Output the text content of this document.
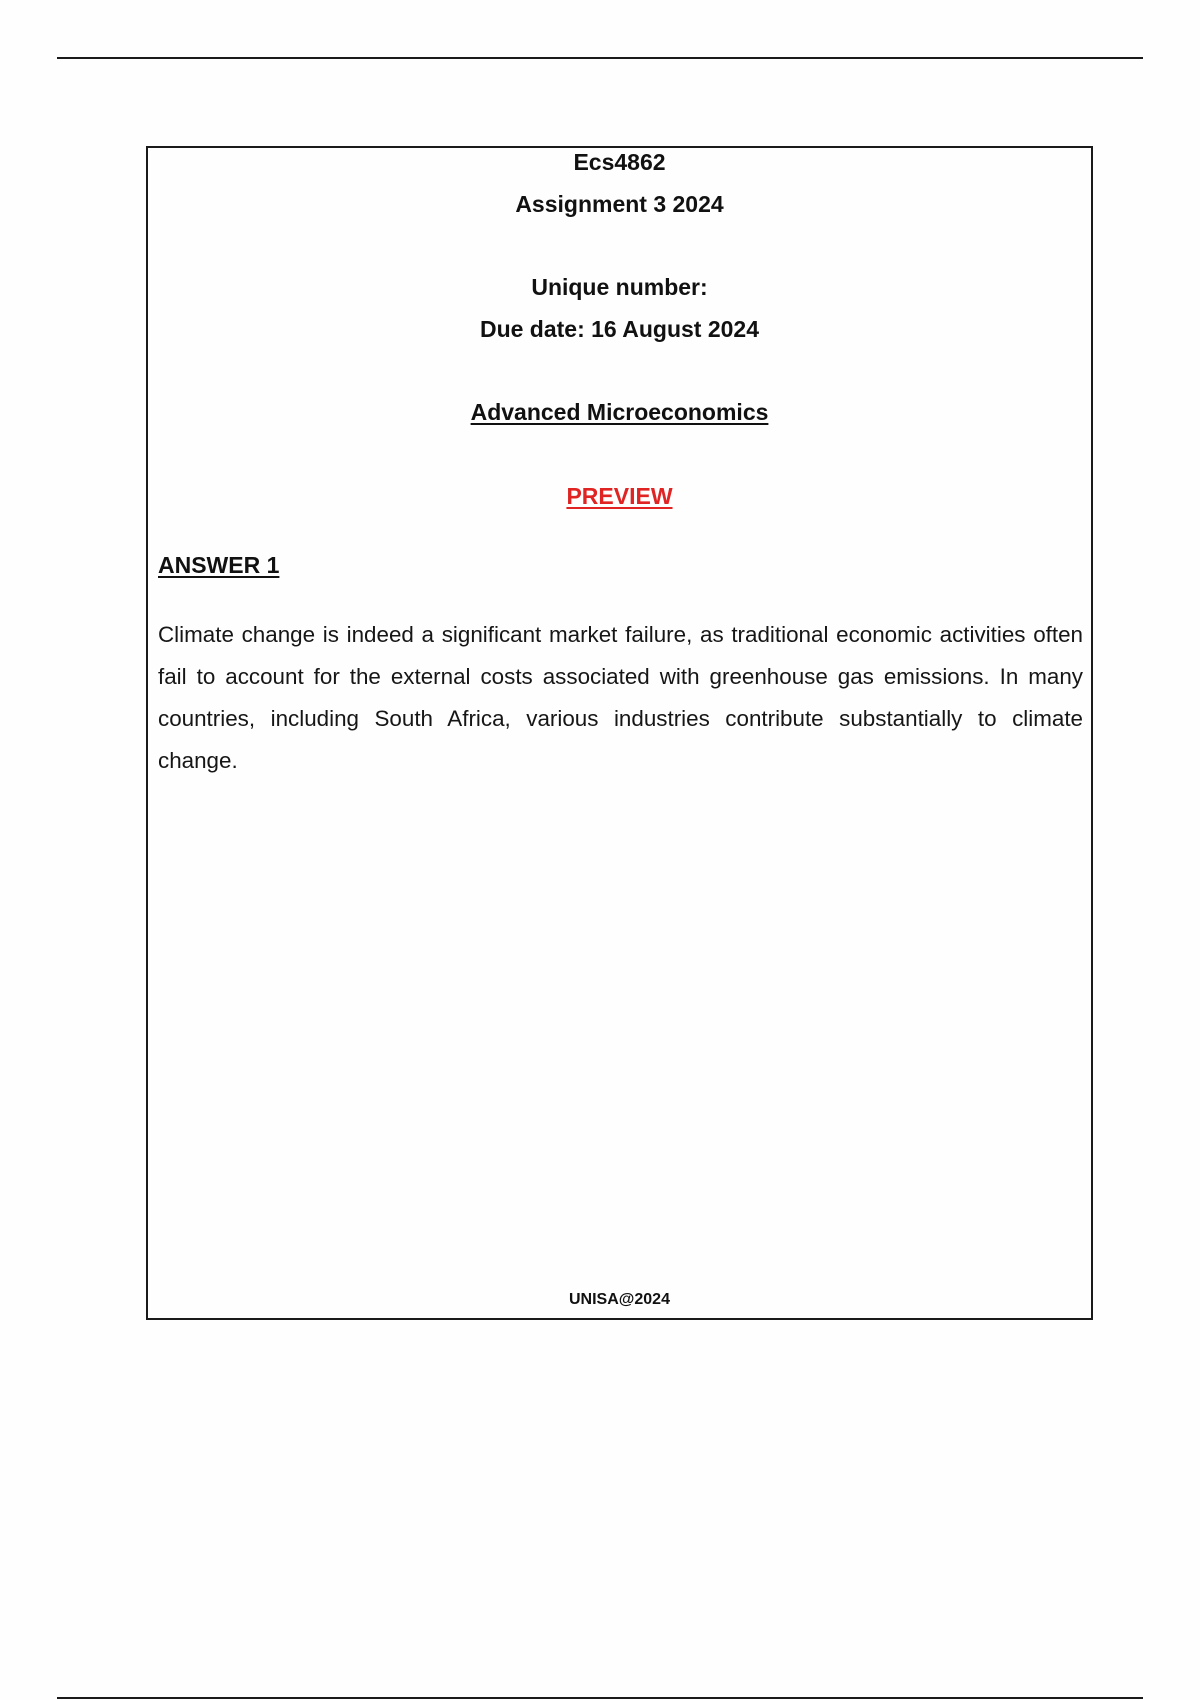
Ecs4862
Assignment 3 2024
Unique number:
Due date: 16 August 2024
Advanced Microeconomics
PREVIEW
ANSWER 1

Climate change is indeed a significant market failure, as traditional economic activities often fail to account for the external costs associated with greenhouse gas emissions. In many countries, including South Africa, various industries contribute substantially to climate change.

UNISA@2024
